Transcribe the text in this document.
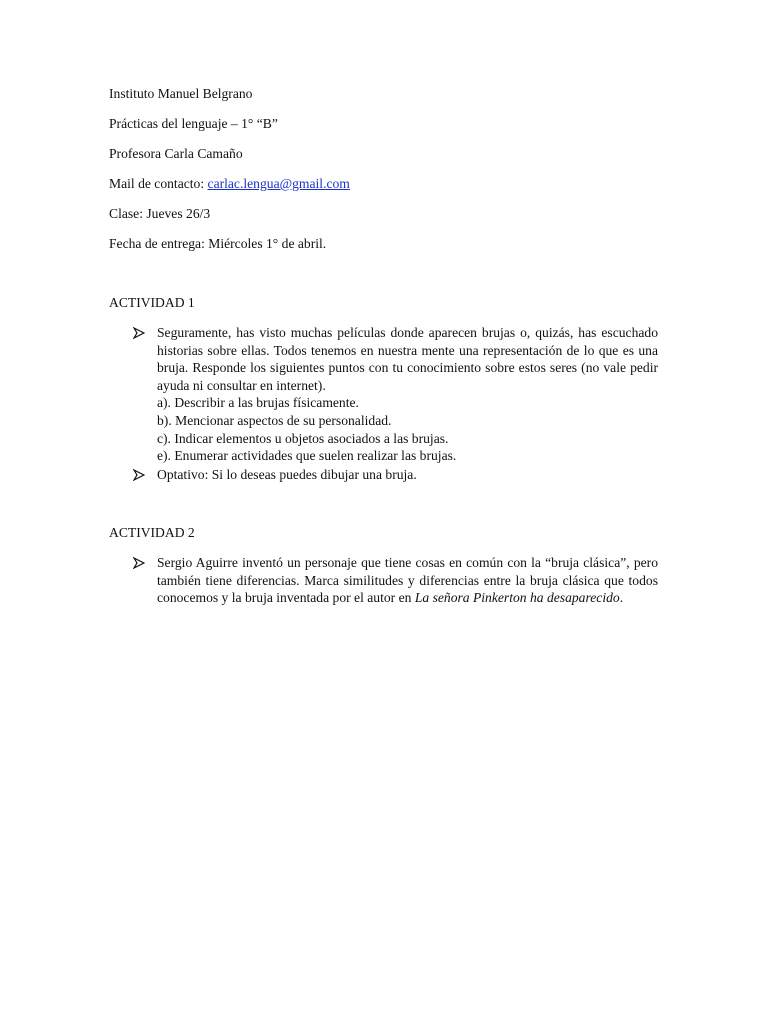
Instituto Manuel Belgrano
Prácticas del lenguaje – 1° “B”
Profesora Carla Camaño
Mail de contacto: carlac.lengua@gmail.com
Clase: Jueves 26/3
Fecha de entrega: Miércoles 1° de abril.
ACTIVIDAD 1

Seguramente, has visto muchas películas donde aparecen brujas o, quizás, has escuchado historias sobre ellas. Todos tenemos en nuestra mente una representación de lo que es una bruja. Responde los siguientes puntos con tu conocimiento sobre estos seres (no vale pedir ayuda ni consultar en internet).

a). Describir a las brujas físicamente.

b). Mencionar aspectos de su personalidad.

c). Indicar elementos u objetos asociados a las brujas.

e). Enumerar actividades que suelen realizar las brujas.

Optativo: Si lo deseas puedes dibujar una bruja.

ACTIVIDAD 2

Sergio Aguirre inventó un personaje que tiene cosas en común con la “bruja clásica”, pero también tiene diferencias. Marca similitudes y diferencias entre la bruja clásica que todos conocemos y la bruja inventada por el autor en La señora Pinkerton ha desaparecido.
